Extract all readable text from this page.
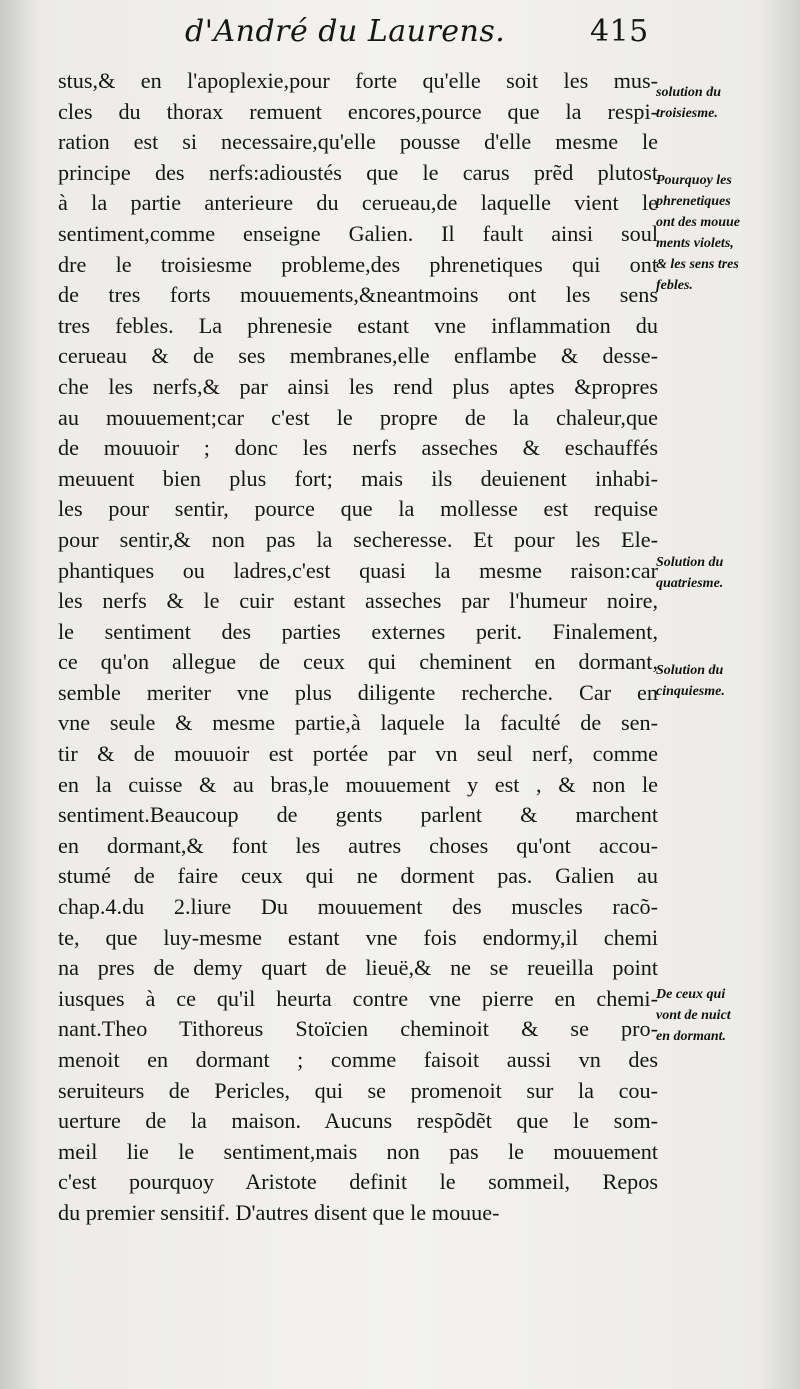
d'André du Laurens.	415
stus,& en l'apoplexie,pour forte qu'elle soit les mus-
cles du thorax remuent encores,pource que la respi-
ration est si necessaire,qu'elle pousse d'elle mesme le
principe des nerfs:adioustés que le carus prẽd plutost
à la partie anterieure du cerueau,de laquelle vient le
sentiment,comme enseigne Galien. Il fault ainsi soul
dre le troisiesme probleme,des phrenetiques qui ont
de tres forts mouuements,&neantmoins ont les sens
tres febles. La phrenesie estant vne inflammation du
cerueau & de ses membranes,elle enflambe & desse-
che les nerfs,& par ainsi les rend plus aptes &propres
au mouuement;car c'est le propre de la chaleur,que
de mouuoir ; donc les nerfs asseches & eschauffés
meuuent bien plus fort; mais ils deuienent inhabi-
les pour sentir, pource que la mollesse est requise
pour sentir,& non pas la secheresse. Et pour les Ele-
phantiques ou ladres,c'est quasi la mesme raison:car
les nerfs & le cuir estant asseches par l'humeur noire,
le sentiment des parties externes perit. Finalement,
ce qu'on allegue de ceux qui cheminent en dormant,
semble meriter vne plus diligente recherche. Car en
vne seule & mesme partie,à laquele la faculté de sen-
tir & de mouuoir est portée par vn seul nerf, comme
en la cuisse & au bras,le mouuement y est , & non le
sentiment.Beaucoup de gents parlent & marchent
en dormant,& font les autres choses qu'ont accou-
stumé de faire ceux qui ne dorment pas. Galien au
chap.4.du 2.liure Du mouuement des muscles racõ-
te, que luy-mesme estant vne fois endormy,il chemi
na pres de demy quart de lieuë,& ne se reueilla point
iusques à ce qu'il heurta contre vne pierre en chemi-
nant.Theo Tithoreus Stoïcien cheminoit & se pro-
menoit en dormant ; comme faisoit aussi vn des
seruiteurs de Pericles, qui se promenoit sur la cou-
uerture de la maison. Aucuns respõdẽt que le som-
meil lie le sentiment,mais non pas le mouuement
c'est pourquoy Aristote definit le sommeil, Repos
du premier sensitif. D'autres disent que le mouue-
solution du
troisiesme.
Pourquoy les
phrenetiques
ont des mouue
ments violets,
& les sens tres
febles.
Solution du
quatriesme.
Solution du
cinquiesme.
De ceux qui
vont de nuict
en dormant.
